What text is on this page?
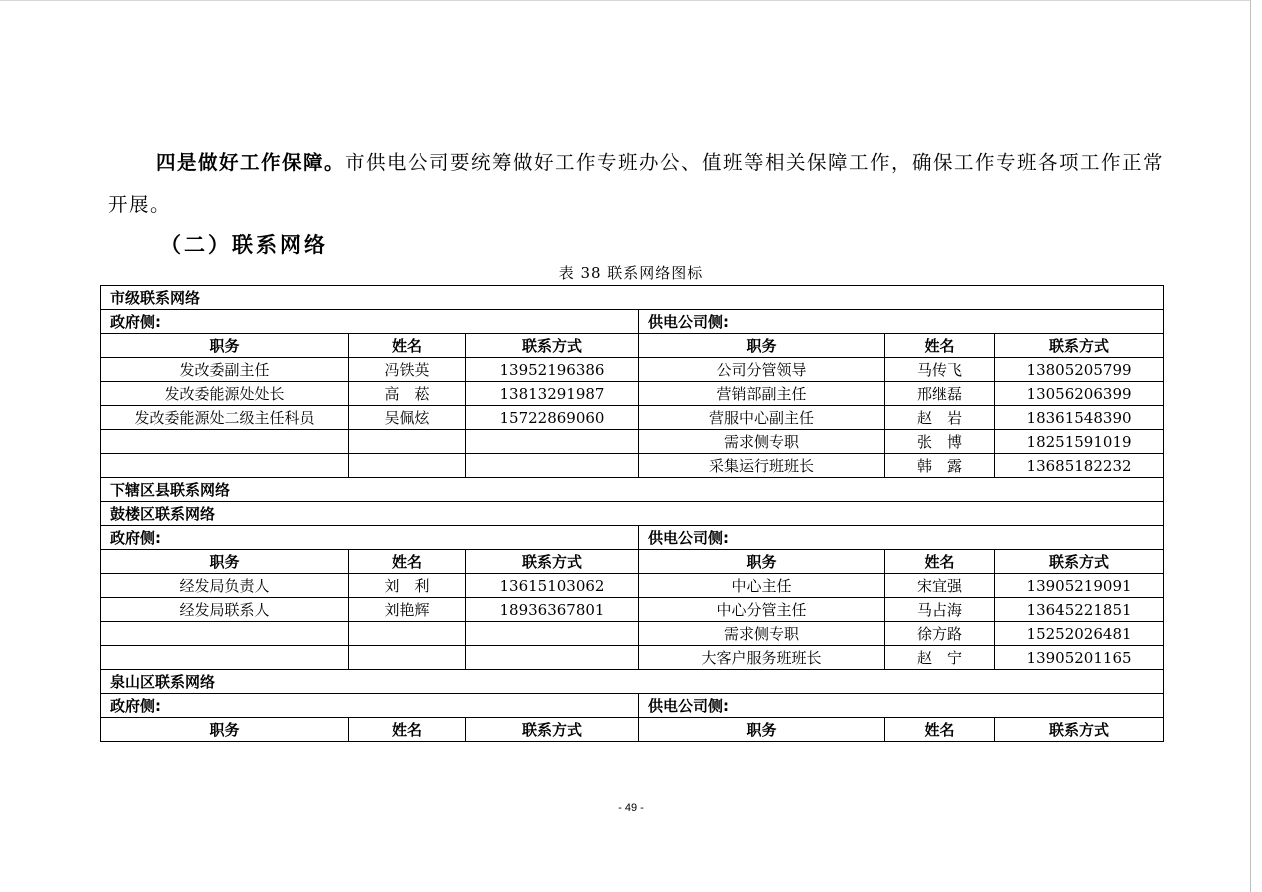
四是做好工作保障。市供电公司要统筹做好工作专班办公、值班等相关保障工作，确保工作专班各项工作正常开展。

（二）联系网络
表 38 联系网络图标
市级联系网络					
政府侧:			供电公司侧:		
职务	姓名	联系方式	职务	姓名	联系方式
发改委副主任	冯铁英	13952196386	公司分管领导	马传飞	13805205799
发改委能源处处长	高　菘	13813291987	营销部副主任	邢继磊	13056206399
发改委能源处二级主任科员	吴佩炫	15722869060	营服中心副主任	赵　岩	18361548390
			需求侧专职	张　博	18251591019
			采集运行班班长	韩　露	13685182232
下辖区县联系网络					
鼓楼区联系网络					
政府侧:			供电公司侧:		
职务	姓名	联系方式	职务	姓名	联系方式
经发局负责人	刘　利	13615103062	中心主任	宋宜强	13905219091
经发局联系人	刘艳辉	18936367801	中心分管主任	马占海	13645221851
			需求侧专职	徐方路	15252026481
			大客户服务班班长	赵　宁	13905201165
泉山区联系网络					
政府侧:			供电公司侧:		
职务	姓名	联系方式	职务	姓名	联系方式
- 49 -
